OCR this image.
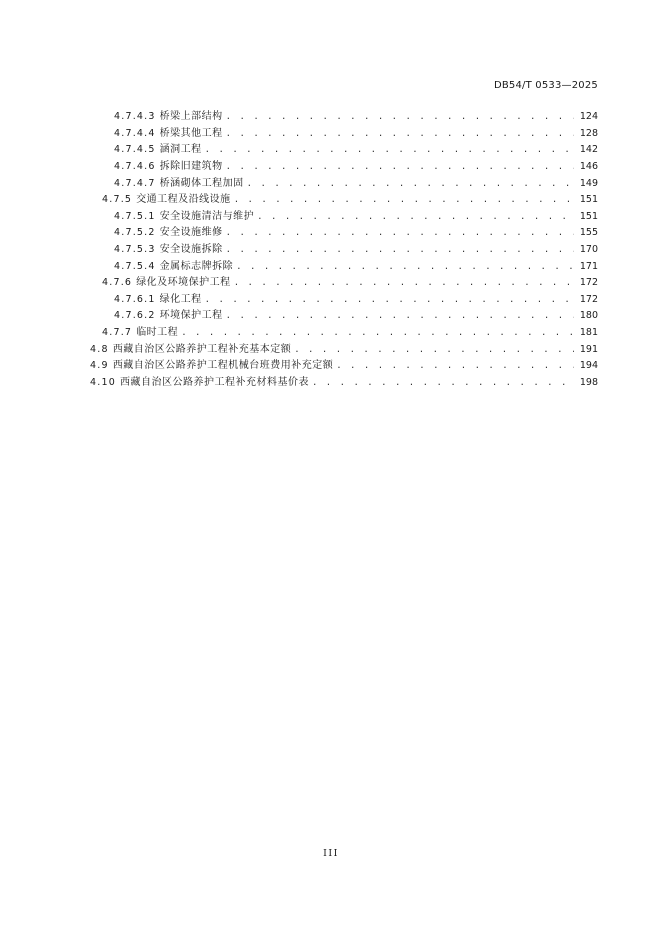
DB54/T 0533—2025
4.7.4.3 桥梁上部结构 . . .	124
4.7.4.4 桥梁其他工程 . . .	128
4.7.4.5 涵洞工程 . . .	142
4.7.4.6 拆除旧建筑物 . . .	146
4.7.4.7 桥涵砌体工程加固 . . .	149
4.7.5 交通工程及沿线设施 . . .	151
4.7.5.1 安全设施清洁与维护 . . .	151
4.7.5.2 安全设施维修 . . .	155
4.7.5.3 安全设施拆除 . . .	170
4.7.5.4 金属标志牌拆除 . . .	171
4.7.6 绿化及环境保护工程 . . .	172
4.7.6.1 绿化工程 . . .	172
4.7.6.2 环境保护工程 . . .	180
4.7.7 临时工程 . . .	181
4.8 西藏自治区公路养护工程补充基本定额 . . .	191
4.9 西藏自治区公路养护工程机械台班费用补充定额 . . .	194
4.10 西藏自治区公路养护工程补充材料基价表 . . .	198
III
